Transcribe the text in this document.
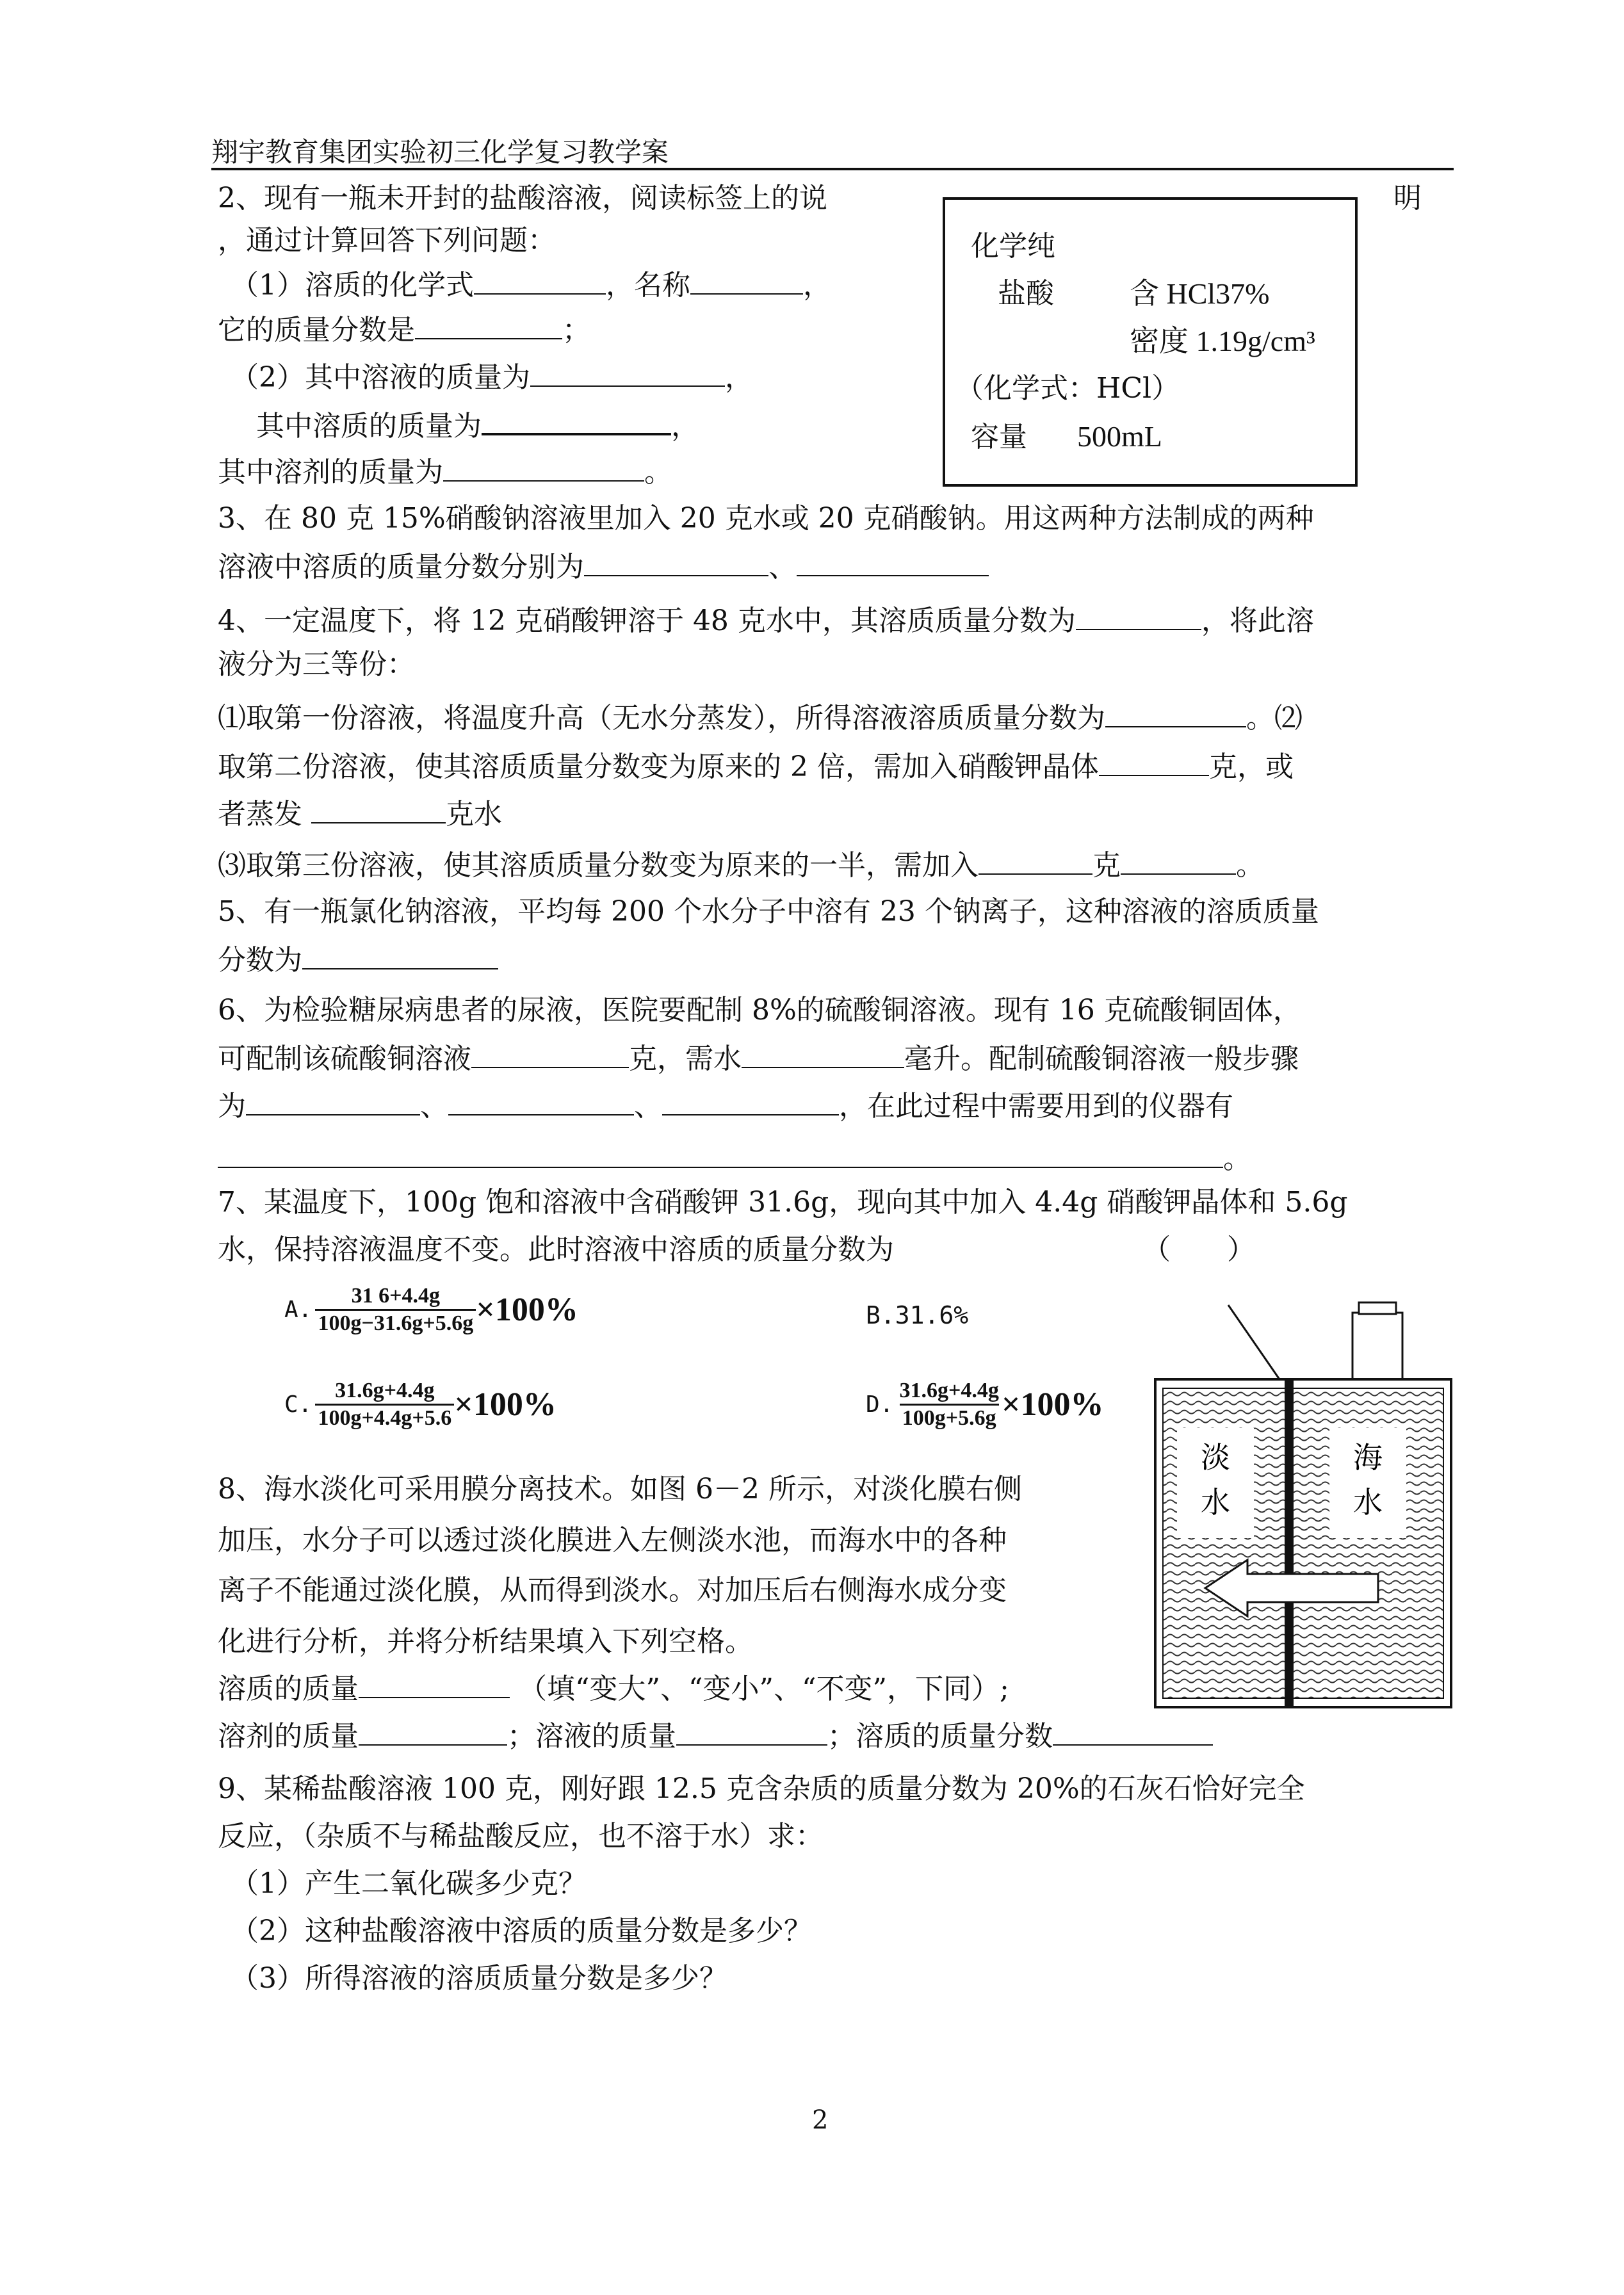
翔宇教育集团实验初三化学复习教学案
2、现有一瓶未开封的盐酸溶液，阅读标签上的说	明
，通过计算回答下列问题：
（1）溶质的化学式	，名称	，
它的质量分数是	；
（2）其中溶液的质量为	，
其中溶质的质量为	，
其中溶剂的质量为	。
化学纯
盐酸	含 HCl37%
密度 1.19g/cm³
（化学式：HCl）
容量 500mL
3、在 80 克 15%硝酸钠溶液里加入 20 克水或 20 克硝酸钠。用这两种方法制成的两种
溶液中溶质的质量分数分别为	、
4、一定温度下，将 12 克硝酸钾溶于 48 克水中，其溶质质量分数为	，将此溶
液分为三等份：
⑴取第一份溶液，将温度升高（无水分蒸发），所得溶液溶质质量分数为	。⑵
取第二份溶液，使其溶质质量分数变为原来的 2 倍，需加入硝酸钾晶体	克，或
者蒸发	克水
⑶取第三份溶液，使其溶质质量分数变为原来的一半，需加入	克	。
5、有一瓶氯化钠溶液，平均每 200 个水分子中溶有 23 个钠离子，这种溶液的溶质质量
分数为
6、为检验糖尿病患者的尿液，医院要配制 8%的硫酸铜溶液。现有 16 克硫酸铜固体，
可配制该硫酸铜溶液	克，需水	毫升。配制硫酸铜溶液一般步骤
为	、	、	，在此过程中需要用到的仪器有
。
7、某温度下，100g 饱和溶液中含硝酸钾 31.6g，现向其中加入 4.4g 硝酸钾晶体和 5.6g
水，保持溶液温度不变。此时溶液中溶质的质量分数为	（　　）
A. $\frac{31 6+4.4g}{100g-31.6g+5.6g} \times 100\%$	B.31.6%
C. $\frac{31.6g+4.4g}{100g+4.4g+5.6} \times 100\%$	D. $\frac{31.6g+4.4g}{100g+5.6g} \times 100\%$
8、海水淡化可采用膜分离技术。如图 6－2 所示，对淡化膜右侧
加压，水分子可以透过淡化膜进入左侧淡水池，而海水中的各种
离子不能通过淡化膜，从而得到淡水。对加压后右侧海水成分变
化进行分析，并将分析结果填入下列空格。
溶质的质量	（填“变大”、“变小”、“不变”，下同）;
溶剂的质量	；溶液的质量	；溶质的质量分数
淡
水
海
水
9、某稀盐酸溶液 100 克，刚好跟 12.5 克含杂质的质量分数为 20%的石灰石恰好完全
反应，（杂质不与稀盐酸反应，也不溶于水）求：
（1）产生二氧化碳多少克？
（2）这种盐酸溶液中溶质的质量分数是多少？
（3）所得溶液的溶质质量分数是多少？
2
